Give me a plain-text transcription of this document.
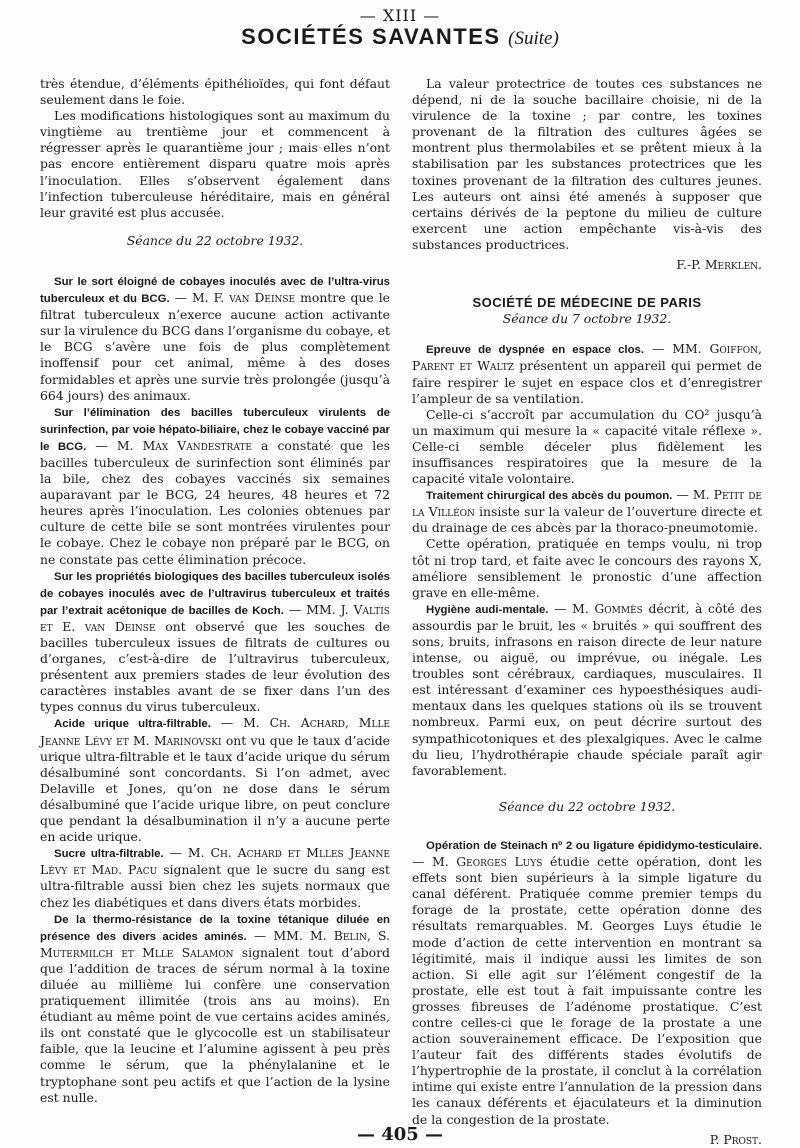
— XIII —
SOCIÉTÉS SAVANTES (Suite)

très étendue, d’éléments épithélioïdes, qui font défaut seulement dans le foie.

Les modifications histologiques sont au maximum du vingtième au trentième jour et commencent à régresser après le quarantième jour ; mais elles n’ont pas encore entièrement disparu quatre mois après l’inoculation. Elles s’observent également dans l’infection tuberculeuse héréditaire, mais en général leur gravité est plus accusée.

Séance du 22 octobre 1932.

Sur le sort éloigné de cobayes inoculés avec de l’ultra-virus tuberculeux et du BCG. — M. F. van Deinse montre que le filtrat tuberculeux n’exerce aucune action activante sur la virulence du BCG dans l’organisme du cobaye, et le BCG s’avère une fois de plus complètement inoffensif pour cet animal, même à des doses formidables et après une survie très prolongée (jusqu’à 664 jours) des animaux.

Sur l’élimination des bacilles tuberculeux virulents de surinfection, par voie hépato-biliaire, chez le cobaye vacciné par le BCG. — M. Max Vandestrate a constaté que les bacilles tuberculeux de surinfection sont éliminés par la bile, chez des cobayes vaccinés six semaines auparavant par le BCG, 24 heures, 48 heures et 72 heures après l’inoculation. Les colonies obtenues par culture de cette bile se sont montrées virulentes pour le cobaye. Chez le cobaye non préparé par le BCG, on ne constate pas cette élimination précoce.

Sur les propriétés biologiques des bacilles tuberculeux isolés de cobayes inoculés avec de l’ultravirus tuberculeux et traités par l’extrait acétonique de bacilles de Koch. — MM. J. Valtis et E. van Deinse ont observé que les souches de bacilles tuberculeux issues de filtrats de cultures ou d’organes, c’est-à-dire de l’ultravirus tuberculeux, présentent aux premiers stades de leur évolution des caractères instables avant de se fixer dans l’un des types connus du virus tuberculeux.

Acide urique ultra-filtrable. — M. Ch. Achard, Mlle Jeanne Lévy et M. Marinovski ont vu que le taux d’acide urique ultra-filtrable et le taux d’acide urique du sérum désalbuminé sont concordants. Si l’on admet, avec Delaville et Jones, qu’on ne dose dans le sérum désalbuminé que l’acide urique libre, on peut conclure que pendant la désalbumination il n’y a aucune perte en acide urique.

Sucre ultra-filtrable. — M. Ch. Achard et Mlles Jeanne Lévy et Mad. Pacu signalent que le sucre du sang est ultra-filtrable aussi bien chez les sujets normaux que chez les diabétiques et dans divers états morbides.

De la thermo-résistance de la toxine tétanique diluée en présence des divers acides aminés. — MM. M. Belin, S. Mutermilch et Mlle Salamon signalent tout d’abord que l’addition de traces de sérum normal à la toxine diluée au millième lui confère une conservation pratiquement illimitée (trois ans au moins). En étudiant au même point de vue certains acides aminés, ils ont constaté que le glycocolle est un stabilisateur faible, que la leucine et l’alumine agissent à peu près comme le sérum, que la phénylalanine et le tryptophane sont peu actifs et que l’action de la lysine est nulle.

La valeur protectrice de toutes ces substances ne dépend, ni de la souche bacillaire choisie, ni de la virulence de la toxine ; par contre, les toxines provenant de la filtration des cultures âgées se montrent plus thermolabiles et se prêtent mieux à la stabilisation par les substances protectrices que les toxines provenant de la filtration des cultures jeunes. Les auteurs ont ainsi été amenés à supposer que certains dérivés de la peptone du milieu de culture exercent une action empêchante vis-à-vis des substances productrices.

F.-P. Merklen.

SOCIÉTÉ DE MÉDECINE DE PARIS

Séance du 7 octobre 1932.

Epreuve de dyspnée en espace clos. — MM. Goiffon, Parent et Waltz présentent un appareil qui permet de faire respirer le sujet en espace clos et d’enregistrer l’ampleur de sa ventilation.

Celle-ci s’accroît par accumulation du CO² jusqu’à un maximum qui mesure la « capacité vitale réflexe ». Celle-ci semble déceler plus fidèlement les insuffisances respiratoires que la mesure de la capacité vitale volontaire.

Traitement chirurgical des abcès du poumon. — M. Petit de la Villéon insiste sur la valeur de l’ouverture directe et du drainage de ces abcès par la thoraco-pneumotomie.

Cette opération, pratiquée en temps voulu, ni trop tôt ni trop tard, et faite avec le concours des rayons X, améliore sensiblement le pronostic d’une affection grave en elle-même.

Hygiène audi-mentale. — M. Gommès décrit, à côté des assourdis par le bruit, les « bruités » qui souffrent des sons, bruits, infrasons en raison directe de leur nature intense, ou aiguë, ou imprévue, ou inégale. Les troubles sont cérébraux, cardiaques, musculaires. Il est intéressant d’examiner ces hypoesthésiques audi-mentaux dans les quelques stations où ils se trouvent nombreux. Parmi eux, on peut décrire surtout des sympathicotoniques et des plexalgiques. Avec le calme du lieu, l’hydrothérapie chaude spéciale paraît agir favorablement.

Séance du 22 octobre 1932.

Opération de Steinach nº 2 ou ligature épididymo-testiculaire. — M. Georges Luys étudie cette opération, dont les effets sont bien supérieurs à la simple ligature du canal déférent. Pratiquée comme premier temps du forage de la prostate, cette opération donne des résultats remarquables. M. Georges Luys étudie le mode d’action de cette intervention en montrant sa légitimité, mais il indique aussi les limites de son action. Si elle agit sur l’élément congestif de la prostate, elle est tout à fait impuissante contre les grosses fibreuses de l’adénome prostatique. C’est contre celles-ci que le forage de la prostate a une action souverainement efficace. De l’exposition que l’auteur fait des différents stades évolutifs de l’hypertrophie de la prostate, il conclut à la corrélation intime qui existe entre l’annulation de la pression dans les canaux déférents et éjaculateurs et la diminution de la congestion de la prostate.

P. Prost.

— 405 —
